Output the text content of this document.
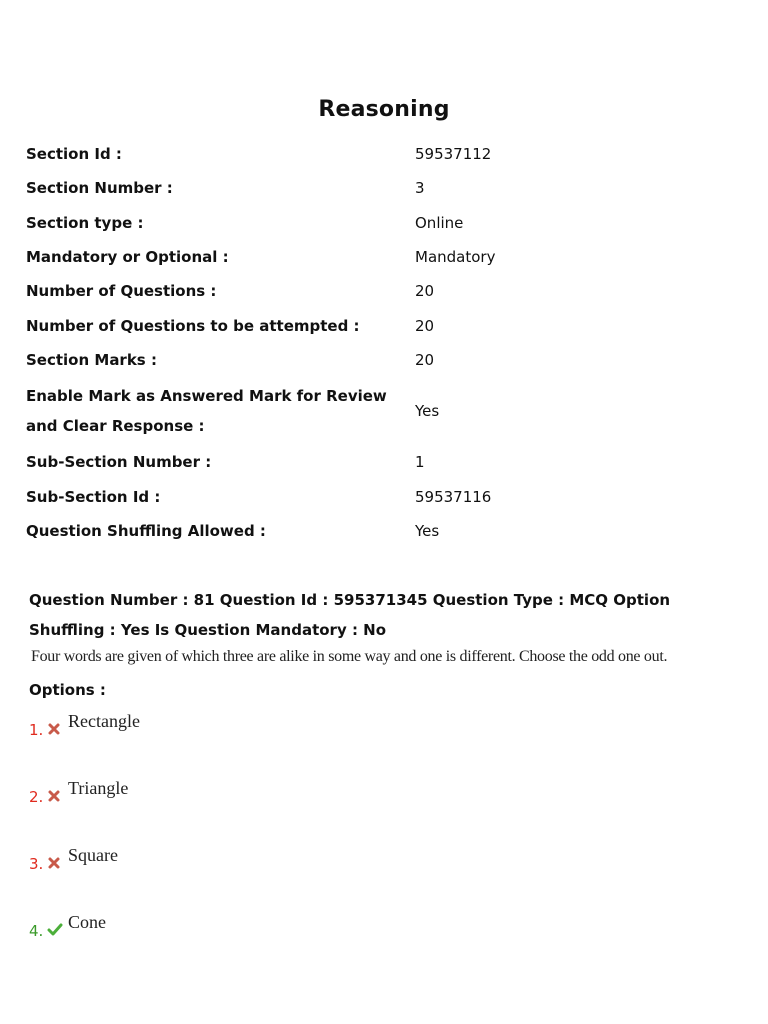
Reasoning
Section Id :	59537112
Section Number :	3
Section type :	Online
Mandatory or Optional :	Mandatory
Number of Questions :	20
Number of Questions to be attempted :	20
Section Marks :	20
Enable Mark as Answered Mark for Review and Clear Response :
Yes
Sub-Section Number :	1
Sub-Section Id :	59537116
Question Shuffling Allowed :	Yes
Question Number : 81 Question Id : 595371345 Question Type : MCQ Option Shuffling : Yes Is Question Mandatory : No
Four words are given of which three are alike in some way and one is different. Choose the odd one out.
Options :
1. Rectangle
2. Triangle
3. Square
4. Cone
